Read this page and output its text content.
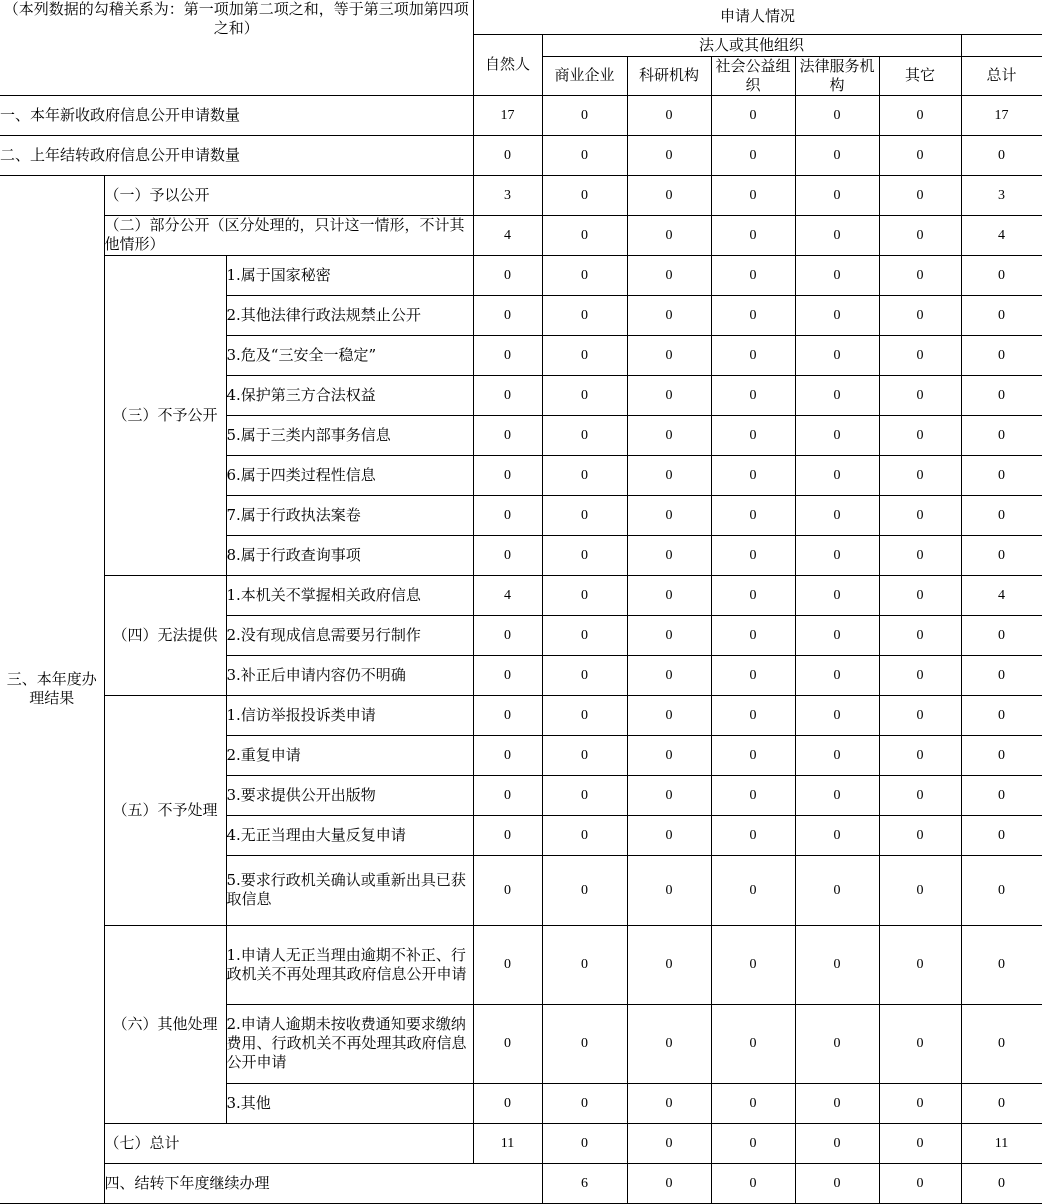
（本列数据的勾稽关系为：第一项加第二项之和，等于第三项加第四项之和）			申请人情况							
			自然人	法人或其他组织						
				商业企业	科研机构	社会公益组织	法律服务机构	其它	总计	
一、本年新收政府信息公开申请数量			17	0	0	0	0	0	17	
二、上年结转政府信息公开申请数量			0	0	0	0	0	0	0	
三、本年度办理结果	（一）予以公开		3	0	0	0	0	0	3	
	（二）部分公开（区分处理的，只计这一情形，不计其他情形）		4	0	0	0	0	0	4	
	（三）不予公开	1.属于国家秘密	0	0	0	0	0	0	0	
		2.其他法律行政法规禁止公开	0	0	0	0	0	0	0	
		3.危及“三安全一稳定”	0	0	0	0	0	0	0	
		4.保护第三方合法权益	0	0	0	0	0	0	0	
		5.属于三类内部事务信息	0	0	0	0	0	0	0	
		6.属于四类过程性信息	0	0	0	0	0	0	0	
		7.属于行政执法案卷	0	0	0	0	0	0	0	
		8.属于行政查询事项	0	0	0	0	0	0	0	
	（四）无法提供	1.本机关不掌握相关政府信息	4	0	0	0	0	0	4	
		2.没有现成信息需要另行制作	0	0	0	0	0	0	0	
		3.补正后申请内容仍不明确	0	0	0	0	0	0	0	
	（五）不予处理	1.信访举报投诉类申请	0	0	0	0	0	0	0	
		2.重复申请	0	0	0	0	0	0	0	
		3.要求提供公开出版物	0	0	0	0	0	0	0	
		4.无正当理由大量反复申请	0	0	0	0	0	0	0	
		5.要求行政机关确认或重新出具已获取信息	0	0	0	0	0	0	0	
	（六）其他处理	1.申请人无正当理由逾期不补正、行政机关不再处理其政府信息公开申请	0	0	0	0	0	0	0	
		2.申请人逾期未按收费通知要求缴纳费用、行政机关不再处理其政府信息公开申请	0	0	0	0	0	0	0	
		3.其他	0	0	0	0	0	0	0	
	（七）总计		11	0	0	0	0	0	11	
	四、结转下年度继续办理			6	0	0	0	0	0	
